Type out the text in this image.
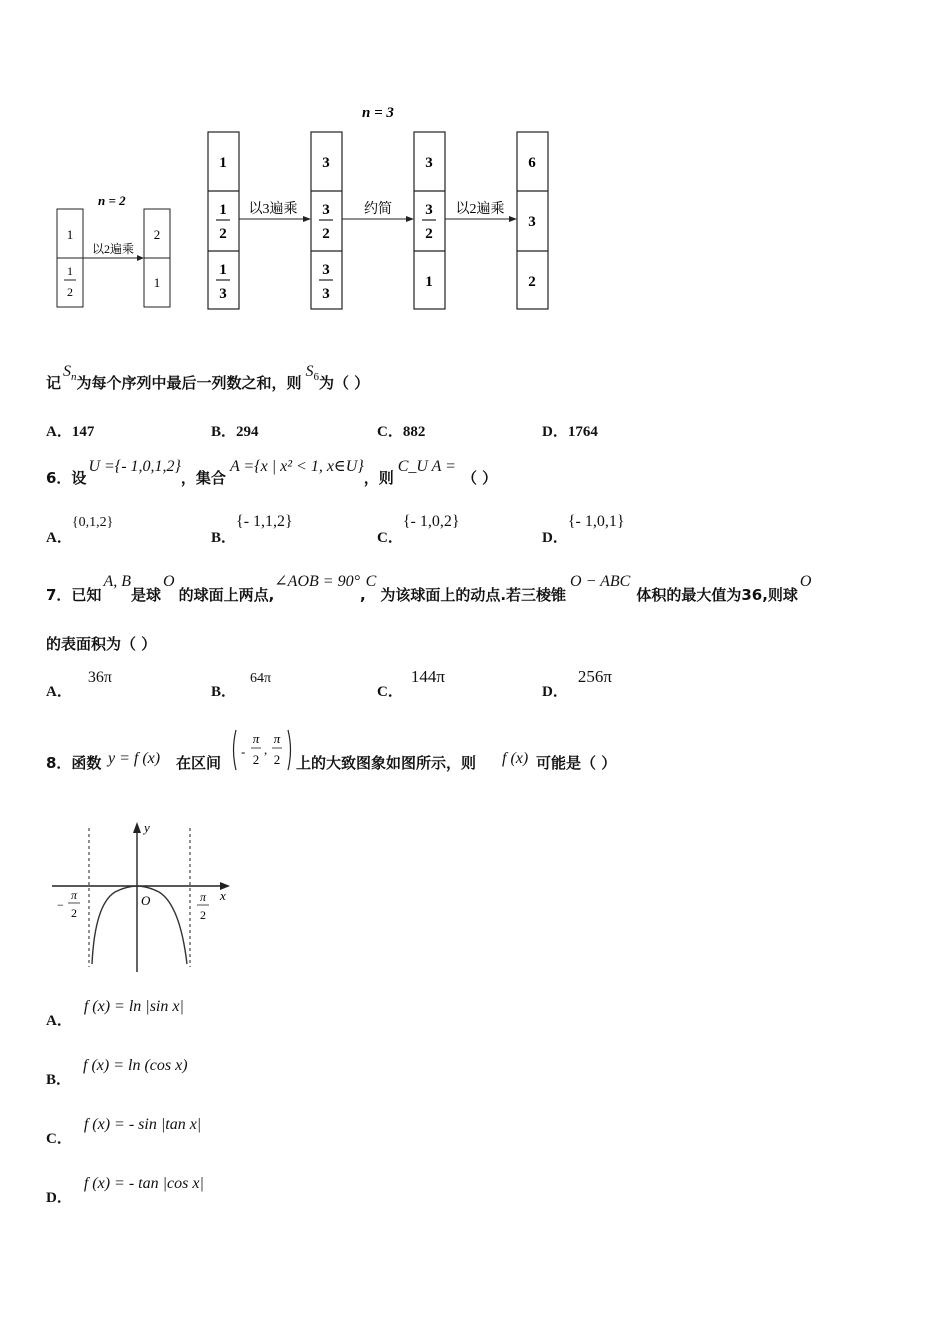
n = 3
n = 2
1
1
2
以2遍乘
2
1
1
1
2
1
3
以3遍乘
3
3
2
3
3
约简
3
3
2
1
以2遍乘
6
3
2
记$S_n$为每个序列中最后一列数之和，则$S_6$为（ ）
A．147	B．294	C．882	D．1764
6．设U ={- 1,0,1,2}，集合A ={x | x² < 1, x∈U}，则C_U A =（ ）
A．{0,1,2}
B．{- 1,1,2}
C．{- 1,0,2}
D．{- 1,0,1}
7．已知A, B是球O的球面上两点,∠AOB = 90°,C为该球面上的动点.若三棱锥O − ABC体积的最大值为36,则球O
的表面积为（ ）
A．36π
B．64π
C．144π
D．256π
8．函数 y = f (x) 在区间
-
π
2
,
π
2 上的大致图象如图所示，则 f (x) 可能是（ ）
x
y
O
−
π
2
π
2
A．f (x) = ln |sin x|
B．f (x) = ln (cos x)
C．f (x) = - sin |tan x|
D．f (x) = - tan |cos x|
